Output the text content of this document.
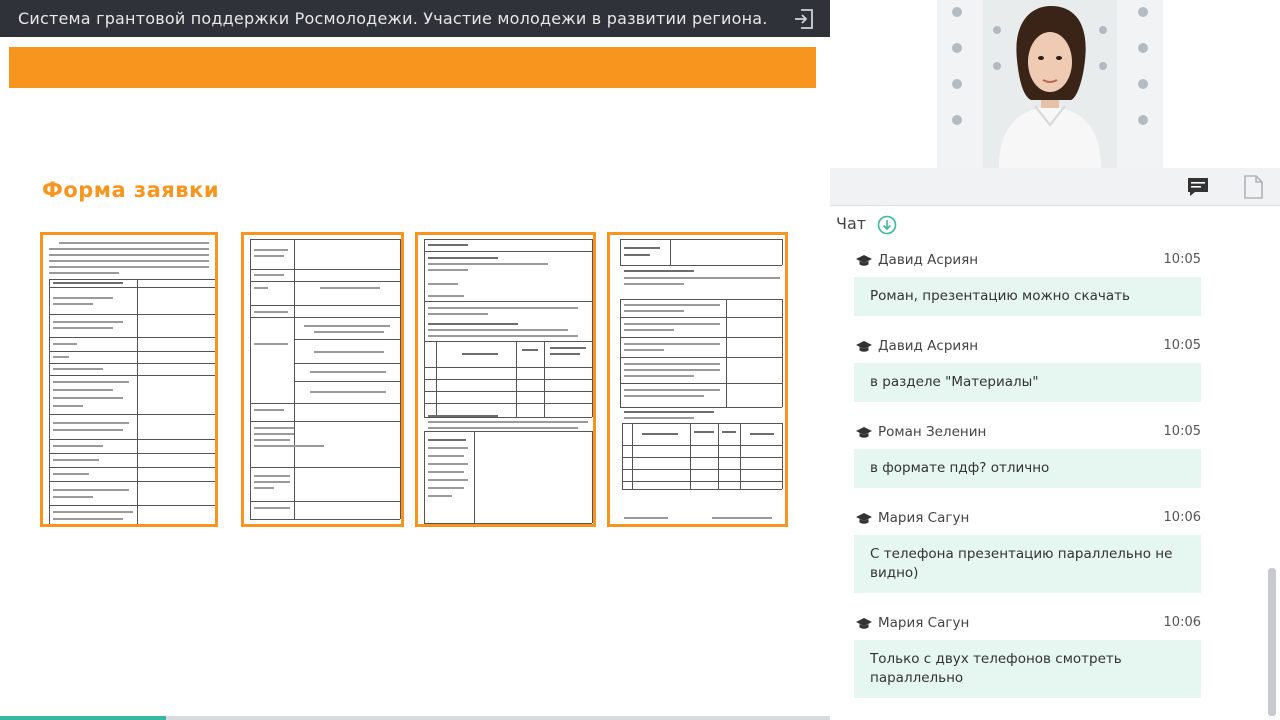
Система грантовой поддержки Росмолодежи. Участие молодежи в развитии региона.
Форма заявки
Чат
Давид Асриян	10:05
Роман, презентацию можно скачать
Давид Асриян	10:05
в разделе "Материалы"
Роман Зеленин	10:05
в формате пдф? отлично
Мария Сагун	10:06
С телефона презентацию параллельно не видно)
Мария Сагун	10:06
Только с двух телефонов смотреть параллельно
